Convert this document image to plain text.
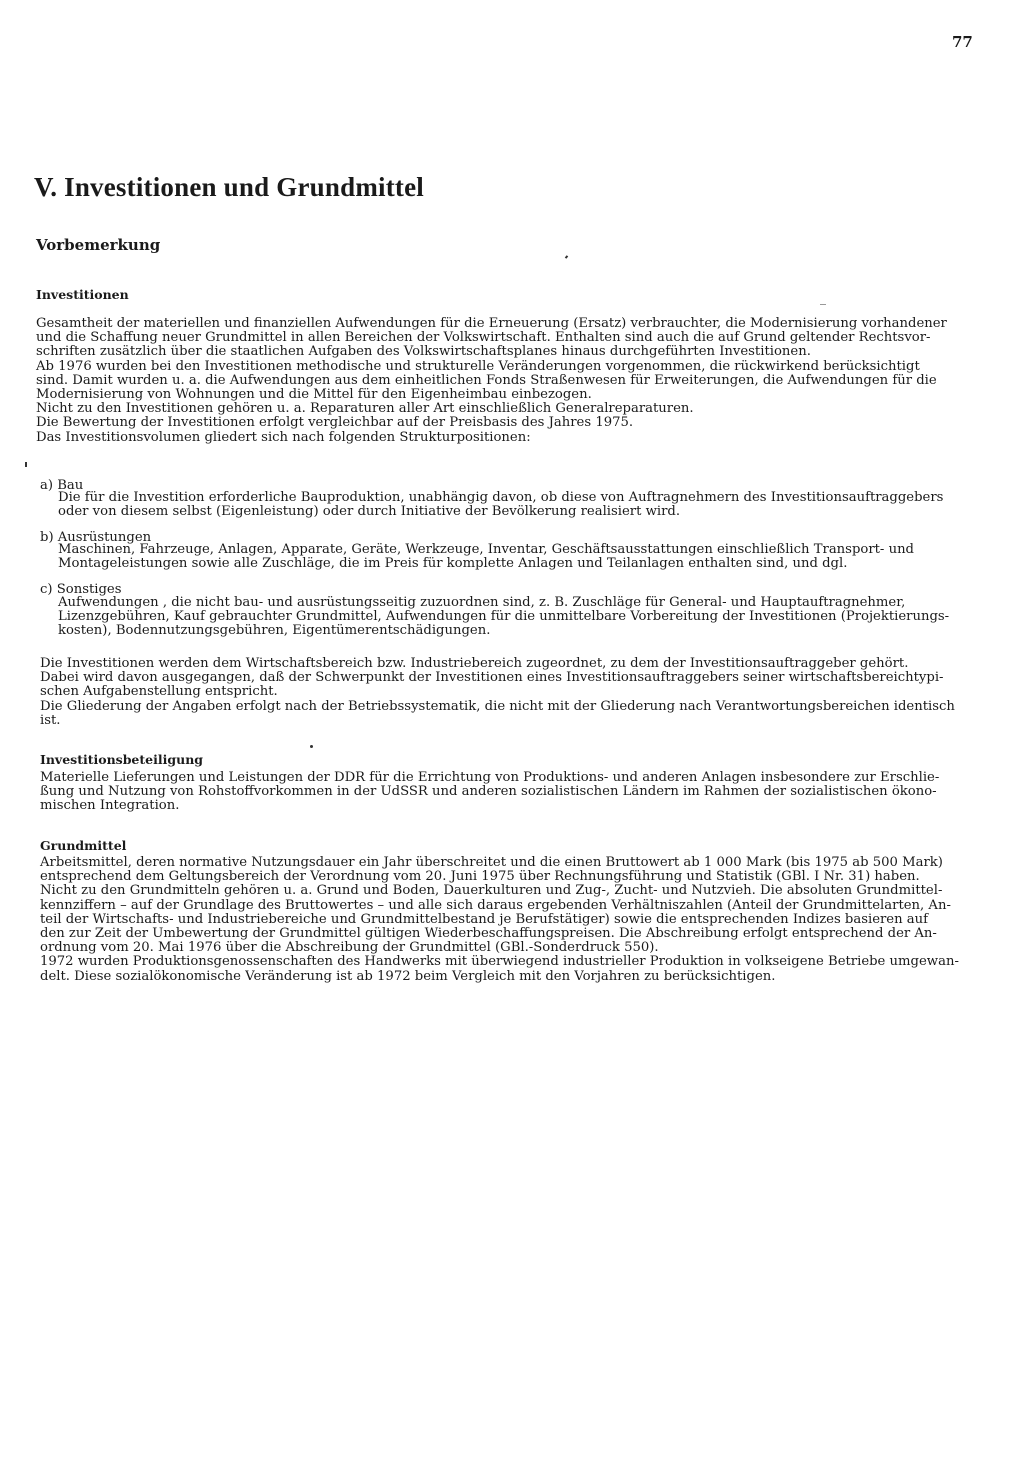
77
V. Investitionen und Grundmittel
Vorbemerkung
Investitionen

Gesamtheit der materiellen und finanziellen Aufwendungen für die Erneuerung (Ersatz) verbrauchter, die Modernisierung vorhandener
und die Schaffung neuer Grundmittel in allen Bereichen der Volkswirtschaft. Enthalten sind auch die auf Grund geltender Rechtsvor-
schriften zusätzlich über die staatlichen Aufgaben des Volkswirtschaftsplanes hinaus durchgeführten Investitionen.
Ab 1976 wurden bei den Investitionen methodische und strukturelle Veränderungen vorgenommen, die rückwirkend berücksichtigt
sind. Damit wurden u. a. die Aufwendungen aus dem einheitlichen Fonds Straßenwesen für Erweiterungen, die Aufwendungen für die
Modernisierung von Wohnungen und die Mittel für den Eigenheimbau einbezogen.
Nicht zu den Investitionen gehören u. a. Reparaturen aller Art einschließlich Generalreparaturen.
Die Bewertung der Investitionen erfolgt vergleichbar auf der Preisbasis des Jahres 1975.
Das Investitionsvolumen gliedert sich nach folgenden Strukturpositionen:

a) Bau

Die für die Investition erforderliche Bauproduktion, unabhängig davon, ob diese von Auftragnehmern des Investitionsauftraggebers
oder von diesem selbst (Eigenleistung) oder durch Initiative der Bevölkerung realisiert wird.

b) Ausrüstungen

Maschinen, Fahrzeuge, Anlagen, Apparate, Geräte, Werkzeuge, Inventar, Geschäftsausstattungen einschließlich Transport- und
Montageleistungen sowie alle Zuschläge, die im Preis für komplette Anlagen und Teilanlagen enthalten sind, und dgl.

c) Sonstiges

Aufwendungen , die nicht bau- und ausrüstungsseitig zuzuordnen sind, z. B. Zuschläge für General- und Hauptauftragnehmer,
Lizenzgebühren, Kauf gebrauchter Grundmittel, Aufwendungen für die unmittelbare Vorbereitung der Investitionen (Projektierungs-
kosten), Bodennutzungsgebühren, Eigentümerentschädigungen.

Die Investitionen werden dem Wirtschaftsbereich bzw. Industriebereich zugeordnet, zu dem der Investitionsauftraggeber gehört.
Dabei wird davon ausgegangen, daß der Schwerpunkt der Investitionen eines Investitionsauftraggebers seiner wirtschaftsbereichtypi-
schen Aufgabenstellung entspricht.
Die Gliederung der Angaben erfolgt nach der Betriebssystematik, die nicht mit der Gliederung nach Verantwortungsbereichen identisch
ist.

Investitionsbeteiligung

Materielle Lieferungen und Leistungen der DDR für die Errichtung von Produktions- und anderen Anlagen insbesondere zur Erschlie-
ßung und Nutzung von Rohstoffvorkommen in der UdSSR und anderen sozialistischen Ländern im Rahmen der sozialistischen ökono-
mischen Integration.

Grundmittel

Arbeitsmittel, deren normative Nutzungsdauer ein Jahr überschreitet und die einen Bruttowert ab 1 000 Mark (bis 1975 ab 500 Mark)
entsprechend dem Geltungsbereich der Verordnung vom 20. Juni 1975 über Rechnungsführung und Statistik (GBl. I Nr. 31) haben.
Nicht zu den Grundmitteln gehören u. a. Grund und Boden, Dauerkulturen und Zug-, Zucht- und Nutzvieh. Die absoluten Grundmittel-
kennziffern – auf der Grundlage des Bruttowertes – und alle sich daraus ergebenden Verhältniszahlen (Anteil der Grundmittelarten, An-
teil der Wirtschafts- und Industriebereiche und Grundmittelbestand je Berufstätiger) sowie die entsprechenden Indizes basieren auf
den zur Zeit der Umbewertung der Grundmittel gültigen Wiederbeschaffungspreisen. Die Abschreibung erfolgt entsprechend der An-
ordnung vom 20. Mai 1976 über die Abschreibung der Grundmittel (GBl.-Sonderdruck 550).
1972 wurden Produktionsgenossenschaften des Handwerks mit überwiegend industrieller Produktion in volkseigene Betriebe umgewan-
delt. Diese sozialökonomische Veränderung ist ab 1972 beim Vergleich mit den Vorjahren zu berücksichtigen.
